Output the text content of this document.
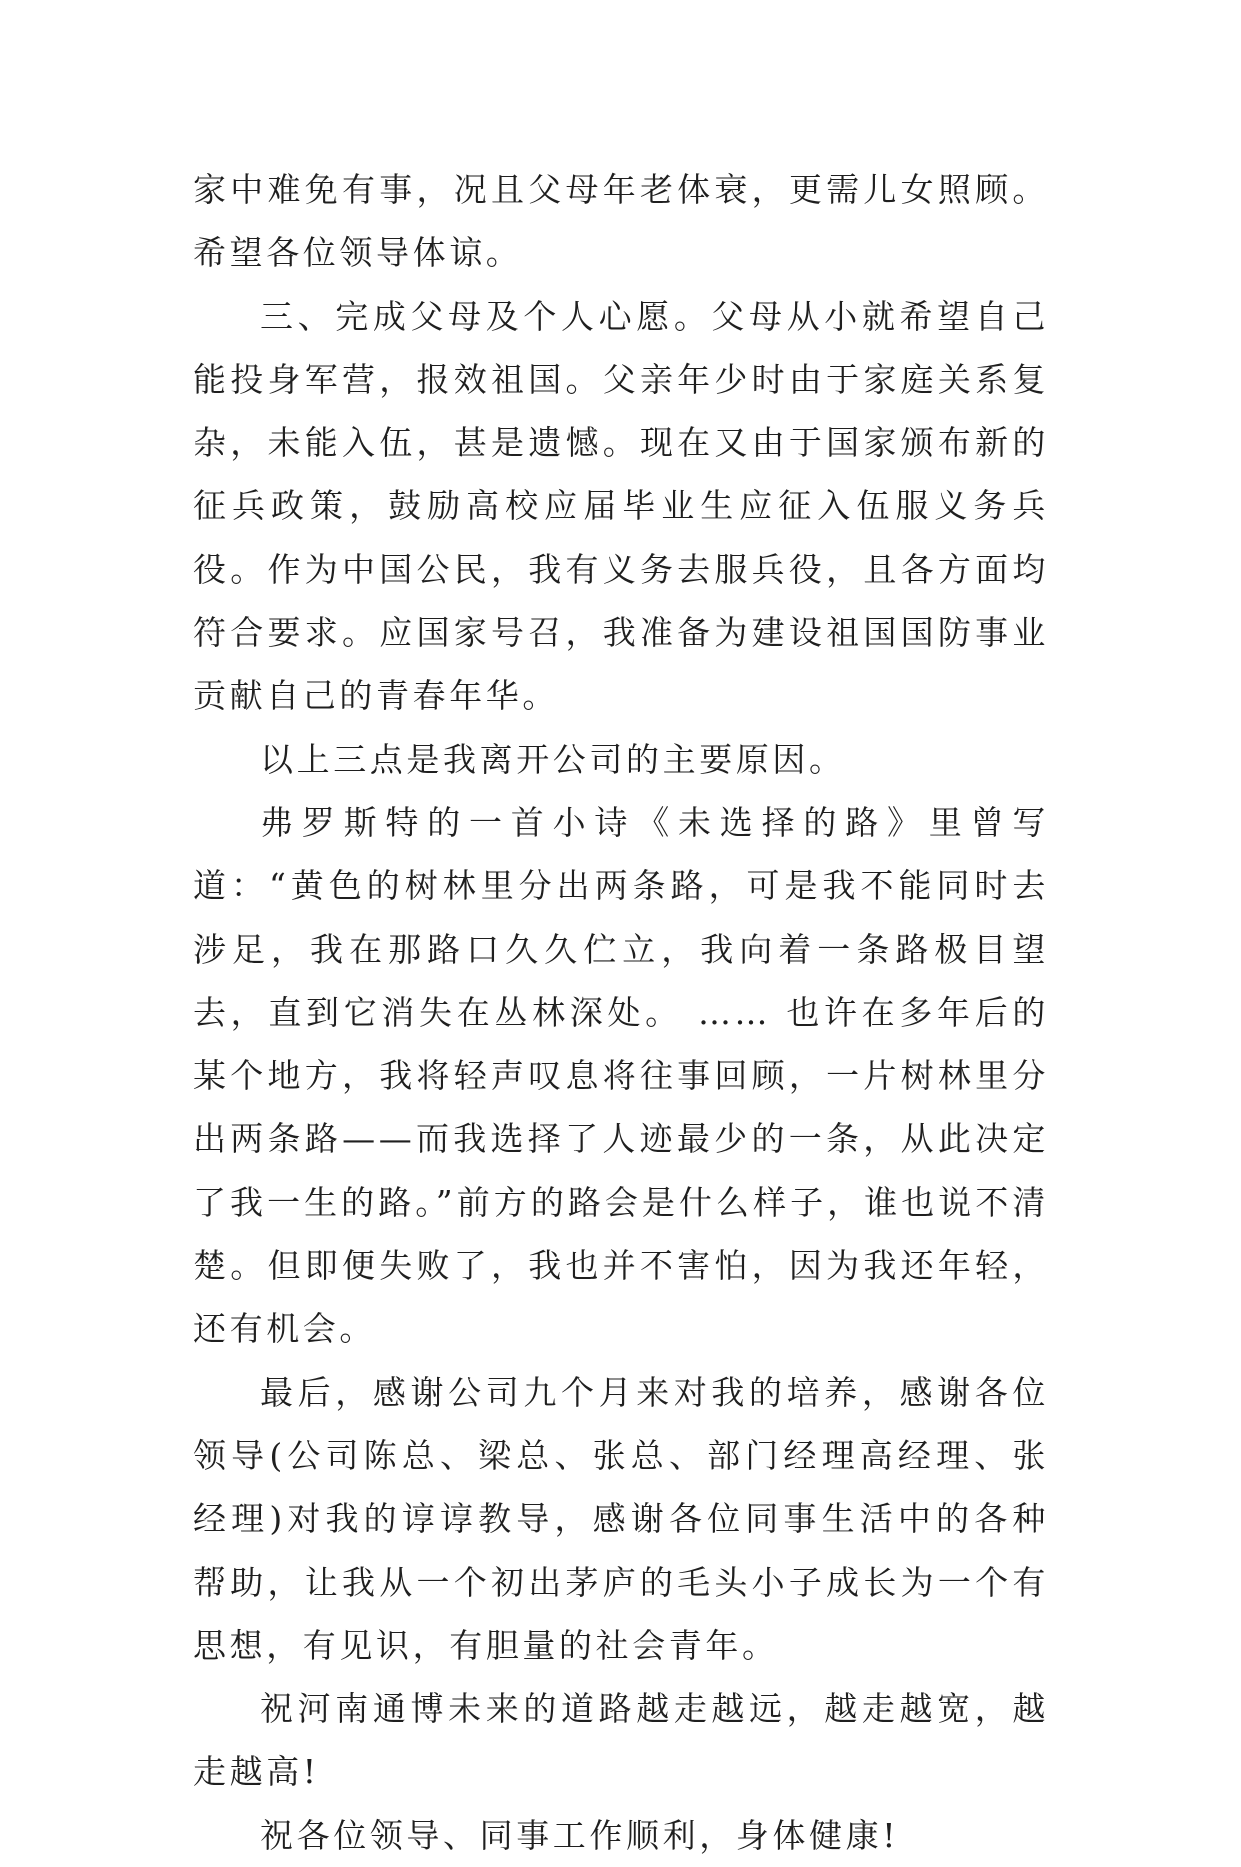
家中难免有事，况且父母年老体衰，更需儿女照顾。希望各位领导体谅。

三、完成父母及个人心愿。父母从小就希望自己能投身军营，报效祖国。父亲年少时由于家庭关系复杂，未能入伍，甚是遗憾。现在又由于国家颁布新的征兵政策，鼓励高校应届毕业生应征入伍服义务兵役。作为中国公民，我有义务去服兵役，且各方面均符合要求。应国家号召，我准备为建设祖国国防事业贡献自己的青春年华。

以上三点是我离开公司的主要原因。

弗罗斯特的一首小诗《未选择的路》里曾写道：“黄色的树林里分出两条路，可是我不能同时去涉足，我在那路口久久伫立，我向着一条路极目望去，直到它消失在丛林深处。 …… 也许在多年后的某个地方，我将轻声叹息将往事回顾，一片树林里分出两条路——而我选择了人迹最少的一条，从此决定了我一生的路。”前方的路会是什么样子，谁也说不清楚。但即便失败了，我也并不害怕，因为我还年轻，还有机会。

最后，感谢公司九个月来对我的培养，感谢各位领导(公司陈总、梁总、张总、部门经理高经理、张经理)对我的谆谆教导，感谢各位同事生活中的各种帮助，让我从一个初出茅庐的毛头小子成长为一个有思想，有见识，有胆量的社会青年。

祝河南通博未来的道路越走越远，越走越宽，越走越高!

祝各位领导、同事工作顺利，身体健康!
